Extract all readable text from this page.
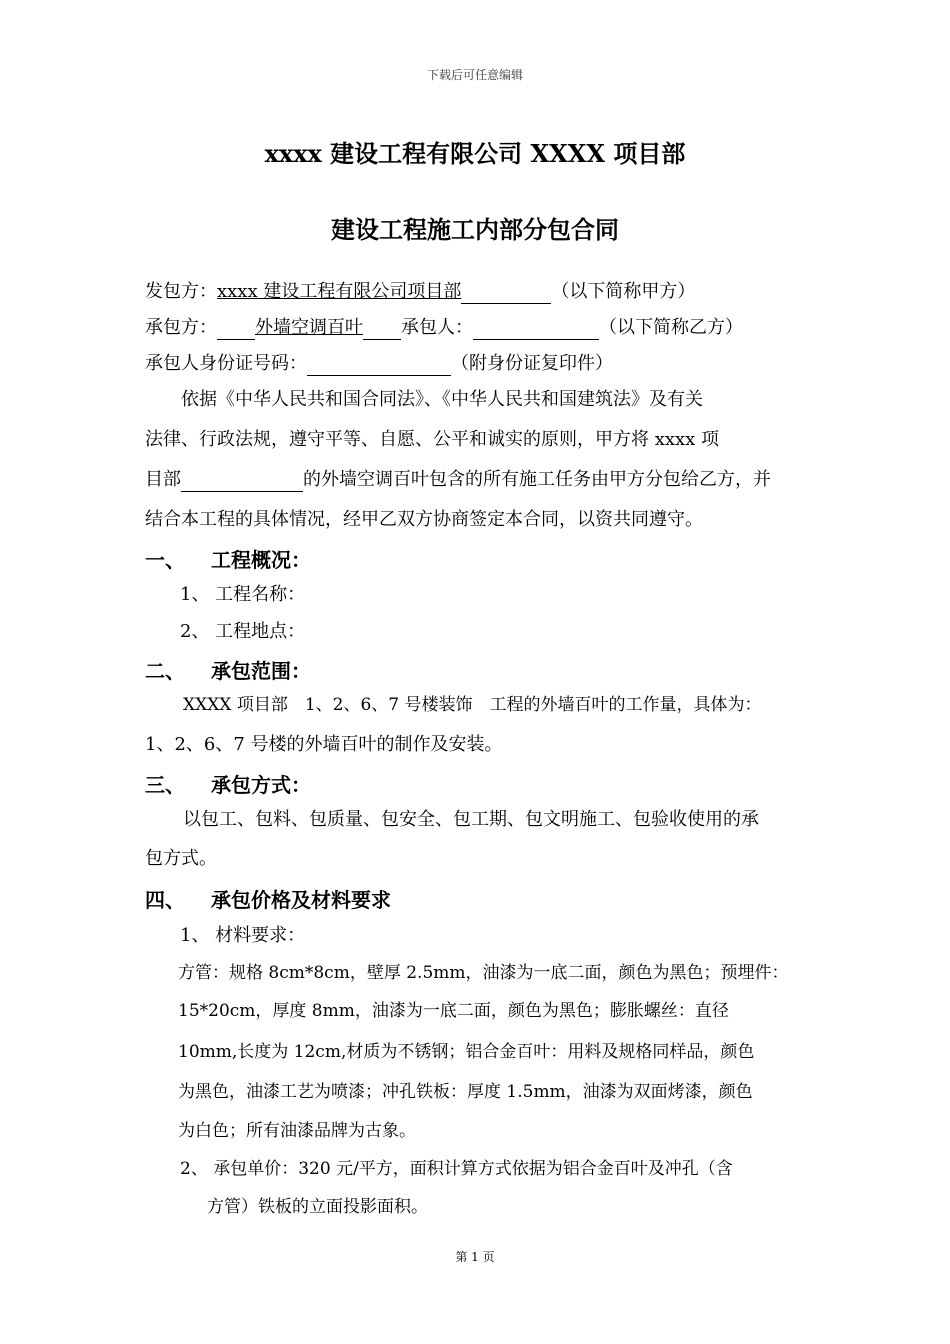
下载后可任意编辑
xxxx 建设工程有限公司 XXXX 项目部
建设工程施工内部分包合同
发包方：xxxx 建设工程有限公司项目部	（以下简称甲方）
承包方： 外墙空调百叶 承包人：	（以下简称乙方）
承包人身份证号码：	（附身份证复印件）
依据《中华人民共和国合同法》、《中华人民共和国建筑法》及有关
法律、行政法规，遵守平等、自愿、公平和诚实的原则，甲方将 xxxx 项
目部	的外墙空调百叶包含的所有施工任务由甲方分包给乙方，并
结合本工程的具体情况，经甲乙双方协商签定本合同，以资共同遵守。
一、 工程概况：
1、 工程名称：
2、 工程地点：
二、 承包范围：
XXXX 项目部　1、2、6、7 号楼装饰　工程的外墙百叶的工作量，具体为：
1、2、6、7 号楼的外墙百叶的制作及安装。
三、 承包方式：
以包工、包料、包质量、包安全、包工期、包文明施工、包验收使用的承
包方式。
四、 承包价格及材料要求
1、 材料要求：
方管：规格 8cm*8cm，壁厚 2.5mm，油漆为一底二面，颜色为黑色；预埋件：
15*20cm，厚度 8mm，油漆为一底二面，颜色为黑色；膨胀螺丝：直径
10mm,长度为 12cm,材质为不锈钢；铝合金百叶：用料及规格同样品，颜色
为黑色，油漆工艺为喷漆；冲孔铁板：厚度 1.5mm，油漆为双面烤漆，颜色
为白色；所有油漆品牌为古象。
2、 承包单价：320 元/平方，面积计算方式依据为铝合金百叶及冲孔（含
方管）铁板的立面投影面积。
第 1 页
